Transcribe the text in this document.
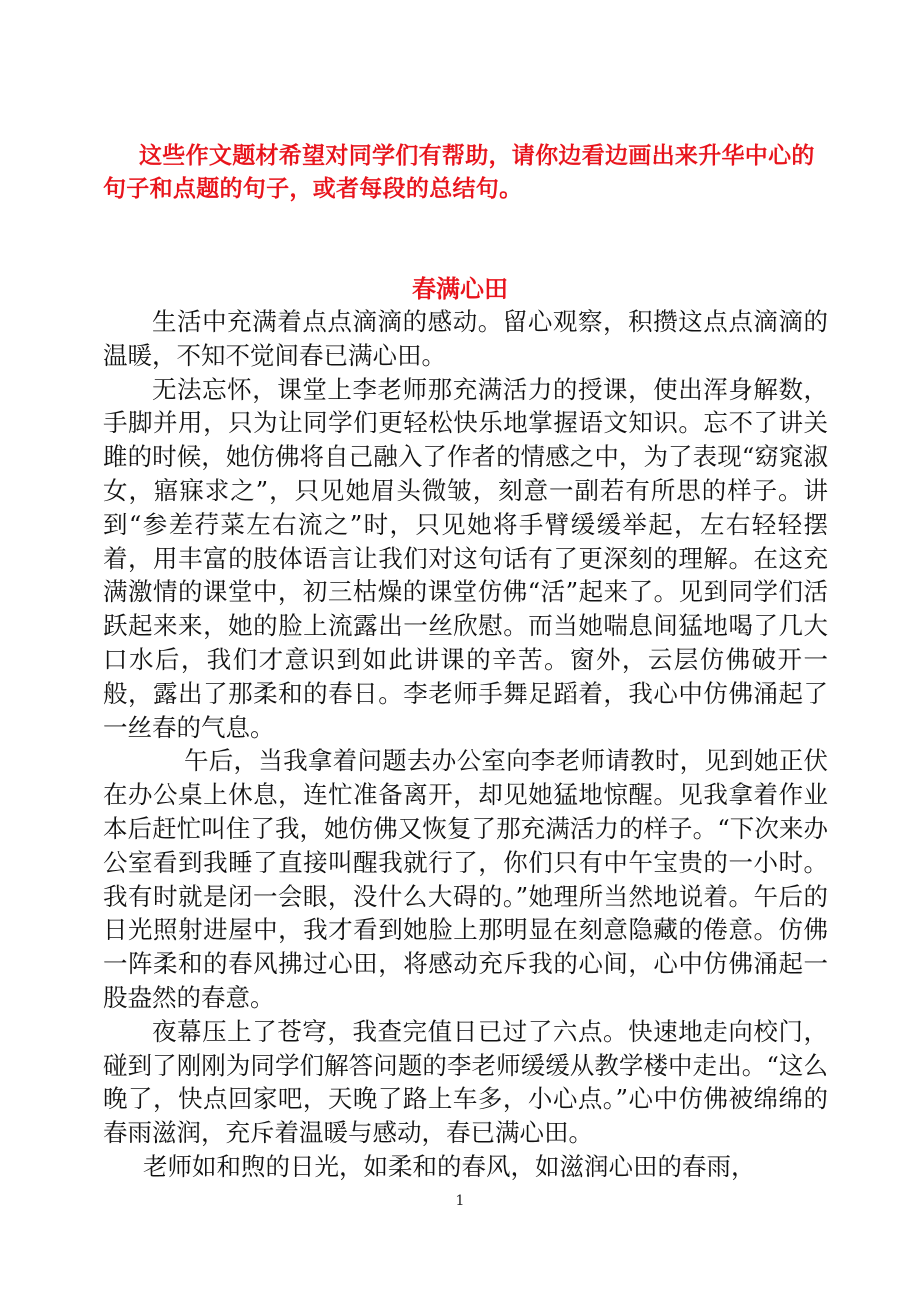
这些作文题材希望对同学们有帮助，请你边看边画出来升华中心的句子和点题的句子，或者每段的总结句。
春满心田

生活中充满着点点滴滴的感动。留心观察，积攒这点点滴滴的温暖，不知不觉间春已满心田。

无法忘怀，课堂上李老师那充满活力的授课，使出浑身解数，手脚并用，只为让同学们更轻松快乐地掌握语文知识。忘不了讲关雎的时候，她仿佛将自己融入了作者的情感之中，为了表现“窈窕淑女，寤寐求之”，只见她眉头微皱，刻意一副若有所思的样子。讲到“参差荇菜左右流之”时，只见她将手臂缓缓举起，左右轻轻摆着，用丰富的肢体语言让我们对这句话有了更深刻的理解。在这充满激情的课堂中，初三枯燥的课堂仿佛“活”起来了。见到同学们活跃起来来，她的脸上流露出一丝欣慰。而当她喘息间猛地喝了几大口水后，我们才意识到如此讲课的辛苦。窗外，云层仿佛破开一般，露出了那柔和的春日。李老师手舞足蹈着，我心中仿佛涌起了一丝春的气息。

午后，当我拿着问题去办公室向李老师请教时，见到她正伏在办公桌上休息，连忙准备离开，却见她猛地惊醒。见我拿着作业本后赶忙叫住了我，她仿佛又恢复了那充满活力的样子。“下次来办公室看到我睡了直接叫醒我就行了，你们只有中午宝贵的一小时。我有时就是闭一会眼，没什么大碍的。”她理所当然地说着。午后的日光照射进屋中，我才看到她脸上那明显在刻意隐藏的倦意。仿佛一阵柔和的春风拂过心田，将感动充斥我的心间，心中仿佛涌起一股盎然的春意。

夜幕压上了苍穹，我查完值日已过了六点。快速地走向校门，碰到了刚刚为同学们解答问题的李老师缓缓从教学楼中走出。“这么晚了，快点回家吧，天晚了路上车多，小心点。”心中仿佛被绵绵的春雨滋润，充斥着温暖与感动，春已满心田。

老师如和煦的日光，如柔和的春风，如滋润心田的春雨，

1
